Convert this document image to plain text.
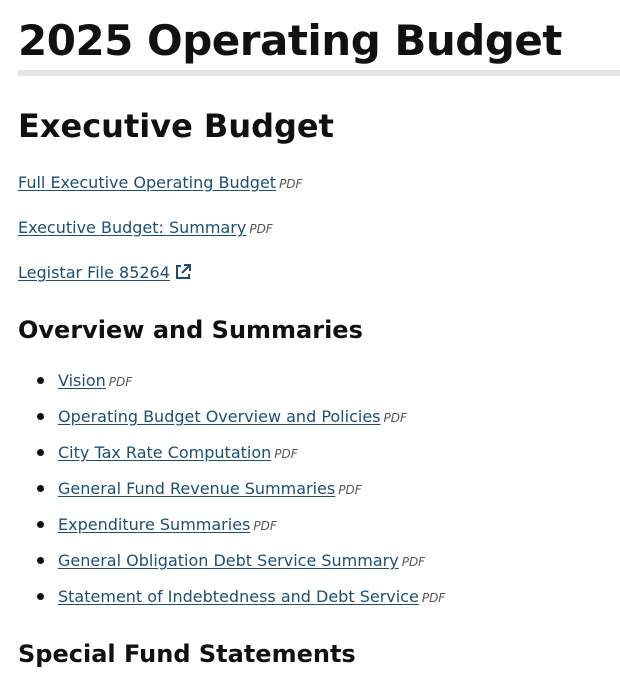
2025 Operating Budget
Executive Budget
Full Executive Operating Budget PDF
Executive Budget: Summary PDF
Legistar File 85264
Overview and Summaries
Vision PDF
Operating Budget Overview and Policies PDF
City Tax Rate Computation PDF
General Fund Revenue Summaries PDF
Expenditure Summaries PDF
General Obligation Debt Service Summary PDF
Statement of Indebtedness and Debt Service PDF
Special Fund Statements
